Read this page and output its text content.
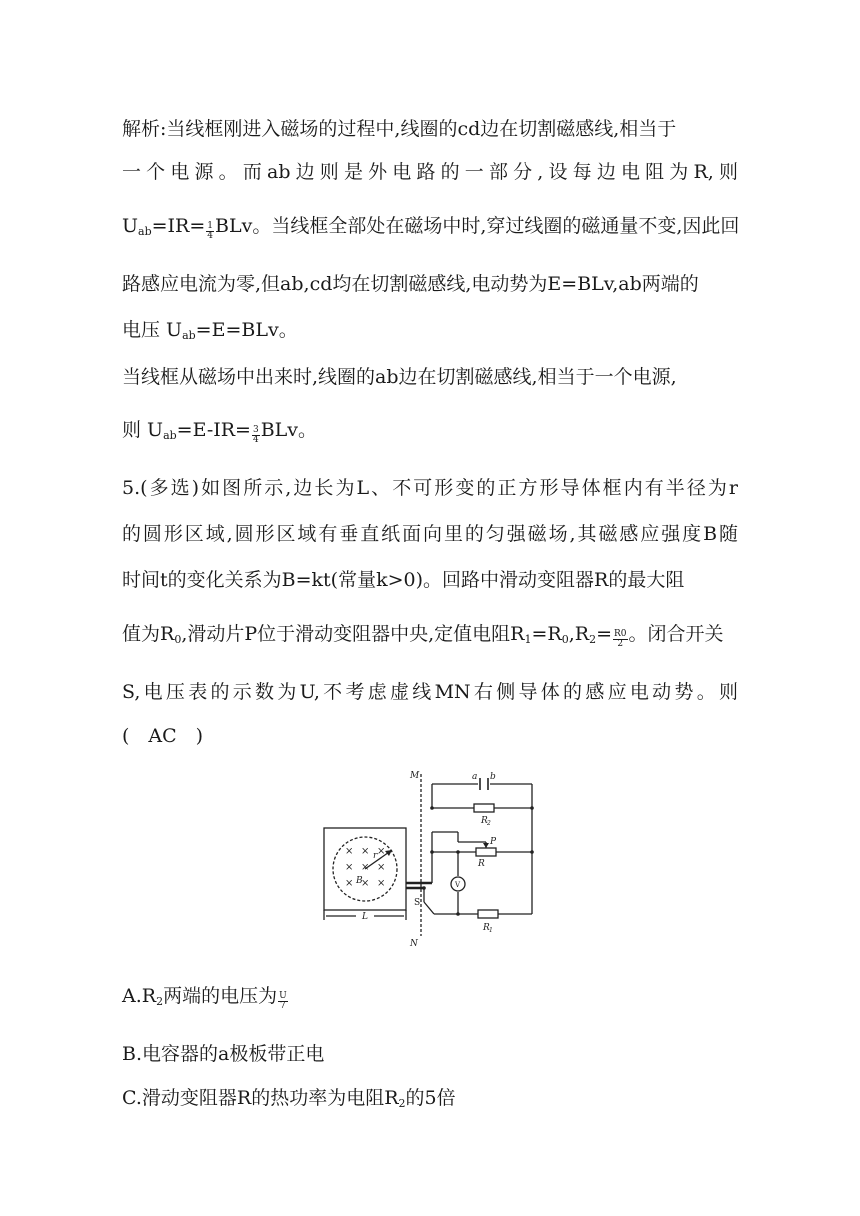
解析:当线框刚进入磁场的过程中,线圈的cd边在切割磁感线,相当于
一个电源。而ab边则是外电路的一部分,设每边电阻为R,则
$U_{ab}=IR= \frac{1}{4}$ BLv。当线框全部处在磁场中时,穿过线圈的磁通量不变,因此回
路感应电流为零,但ab,cd均在切割磁感线,电动势为E=BLv,ab两端的
电压 $U_{ab}=E=BLv$。
当线框从磁场中出来时,线圈的ab边在切割磁感线,相当于一个电源,
则 $U_{ab}=E-IR= \frac{3}{4}$ BLv。
5.(多选)如图所示,边长为L、不可形变的正方形导体框内有半径为r
的圆形区域,圆形区域有垂直纸面向里的匀强磁场,其磁感应强度B随
时间t的变化关系为B=kt(常量k>0)。回路中滑动变阻器R的最大阻
值为$R_0$,滑动片P位于滑动变阻器中央,定值电阻$R_1=R_0,R_2= \frac{R0}{2}$ 。闭合开关
S,电压表的示数为U,不考虑虚线MN右侧导体的感应电动势。则
(　AC　)
× × ×
× × ×
× ×
×
M
N
a b
R 2
P
R
V
S
R 1
r
B
L
$A.R_2$两端的电压为 $\frac{U}{7}$
B.电容器的a极板带正电
C.滑动变阻器R的热功率为电阻$R_2$的5倍
